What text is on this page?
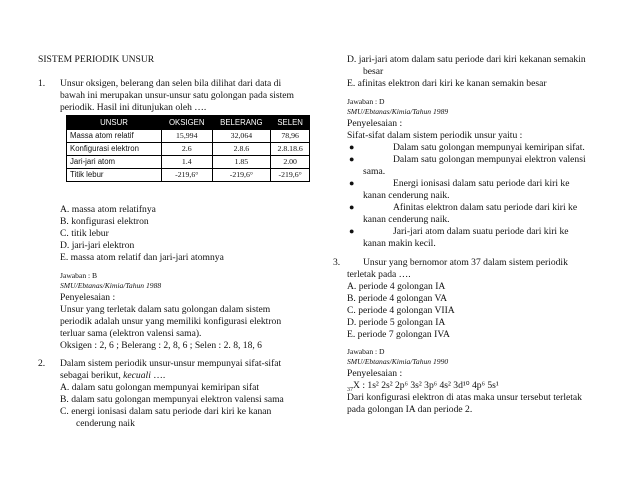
SISTEM PERIODIK UNSUR
1. Unsur oksigen, belerang dan selen bila dilihat dari data di
bawah ini merupakan unsur-unsur satu golongan pada sistem
periodik. Hasil ini ditunjukan oleh ….
UNSUR	OKSIGEN	BELERANG	SELEN
Massa atom relatif	15,994	32,064	78,96
Konfigurasi elektron	2.6	2.8.6	2.8.18.6
Jari-jari atom	1.4	1.85	2.00
Titik lebur	-219,6°	-219,6°	-219,6°
A. massa atom relatifnya
B. konfigurasi elektron
C. titik lebur
D. jari-jari elektron
E. massa atom relatif dan jari-jari atomnya
Jawaban : B
SMU/Ebtanas/Kimia/Tahun 1988
Penyelesaian :
Unsur yang terletak dalam satu golongan dalam sistem
periodik adalah unsur yang memiliki konfigurasi elektron
terluar sama (elektron valensi sama).
Oksigen : 2, 6 ; Belerang : 2, 8, 6 ; Selen : 2. 8, 18, 6
2. Dalam sistem periodik unsur-unsur mempunyai sifat-sifat
sebagai berikut, kecuali ….
A. dalam satu golongan mempunyai kemiripan sifat
B. dalam satu golongan mempunyai elektron valensi sama
C. energi ionisasi dalam satu periode dari kiri ke kanan
cenderung naik
D. jari-jari atom dalam satu periode dari kiri kekanan semakin
besar
E. afinitas elektron dari kiri ke kanan semakin besar
Jawaban : D
SMU/Ebtanas/Kimia/Tahun 1989
Penyelesaian :
Sifat-sifat dalam sistem periodik unsur yaitu :
●	Dalam satu golongan mempunyai kemiripan sifat.
●	Dalam satu golongan mempunyai elektron valensi
sama.
●	Energi ionisasi dalam satu periode dari kiri ke
kanan cenderung naik.
●	Afinitas elektron dalam satu periode dari kiri ke
kanan cenderung naik.
●	Jari-jari atom dalam suatu periode dari kiri ke
kanan makin kecil.
3. Unsur yang bernomor atom 37 dalam sistem periodik
terletak pada ….
A. periode 4 golongan IA
B. periode 4 golongan VA
C. periode 4 golongan VIIA
D. periode 5 golongan IA
E. periode 7 golongan IVA
Jawaban : D
SMU/Ebtanas/Kimia/Tahun 1990
Penyelesaian :
$_{37}$X : 1s² 2s² 2p⁶ 3s² 3p⁶ 4s² 3d¹⁰ 4p⁶ 5s¹
Dari konfigurasi elektron di atas maka unsur tersebut terletak
pada golongan IA dan periode 2.
